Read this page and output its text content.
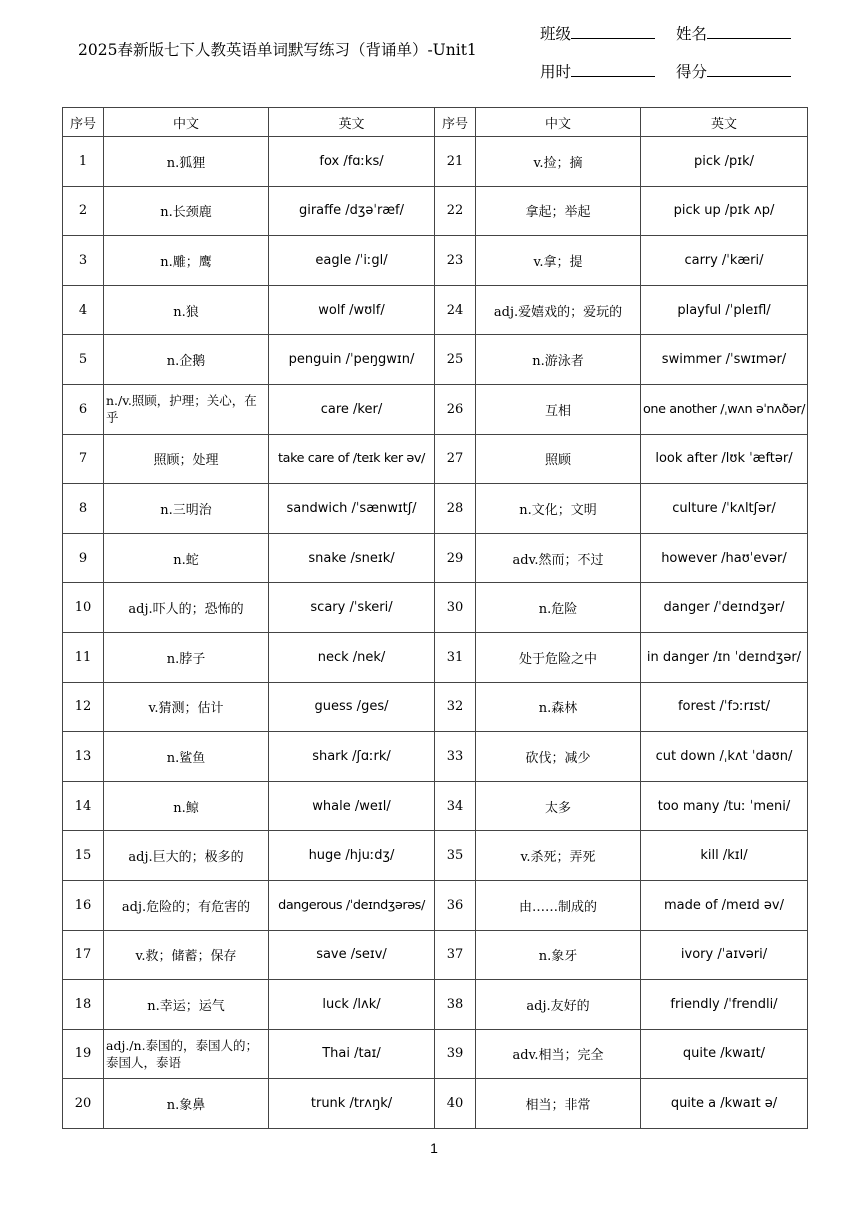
2025春新版七下人教英语单词默写练习（背诵单）-Unit1
班级	姓名
用时	得分
序号	中文	英文	序号	中文	英文
1	n.狐狸	fox /fɑːks/	21	v.捡；摘	pick /pɪk/
2	n.长颈鹿	giraffe /dʒəˈræf/	22	拿起；举起	pick up /pɪk ʌp/
3	n.雕；鹰	eagle /ˈiːgl/	23	v.拿；提	carry /ˈkæri/
4	n.狼	wolf /wʊlf/	24	adj.爱嬉戏的；爱玩的	playful /ˈpleɪfl/
5	n.企鹅	penguin /ˈpeŋgwɪn/	25	n.游泳者	swimmer /ˈswɪmər/
6	n./v.照顾，护理；关心，在乎	care /ker/	26	互相	one another /ˌwʌn əˈnʌðər/
7	照顾；处理	take care of /teɪk ker əv/	27	照顾	look after /lʊk ˈæftər/
8	n.三明治	sandwich /ˈsænwɪtʃ/	28	n.文化；文明	culture /ˈkʌltʃər/
9	n.蛇	snake /sneɪk/	29	adv.然而；不过	however /haʊˈevər/
10	adj.吓人的；恐怖的	scary /ˈskeri/	30	n.危险	danger /ˈdeɪndʒər/
11	n.脖子	neck /nek/	31	处于危险之中	in danger /ɪn ˈdeɪndʒər/
12	v.猜测；估计	guess /ges/	32	n.森林	forest /ˈfɔːrɪst/
13	n.鲨鱼	shark /ʃɑːrk/	33	砍伐；减少	cut down /ˌkʌt ˈdaʊn/
14	n.鲸	whale /weɪl/	34	太多	too many /tuː ˈmeni/
15	adj.巨大的；极多的	huge /hjuːdʒ/	35	v.杀死；弄死	kill /kɪl/
16	adj.危险的；有危害的	dangerous /ˈdeɪndʒərəs/	36	由……制成的	made of /meɪd əv/
17	v.救；储蓄；保存	save /seɪv/	37	n.象牙	ivory /ˈaɪvəri/
18	n.幸运；运气	luck /lʌk/	38	adj.友好的	friendly /ˈfrendli/
19	adj./n.泰国的，泰国人的；泰国人，泰语	Thai /taɪ/	39	adv.相当；完全	quite /kwaɪt/
20	n.象鼻	trunk /trʌŋk/	40	相当；非常	quite a /kwaɪt ə/
1
